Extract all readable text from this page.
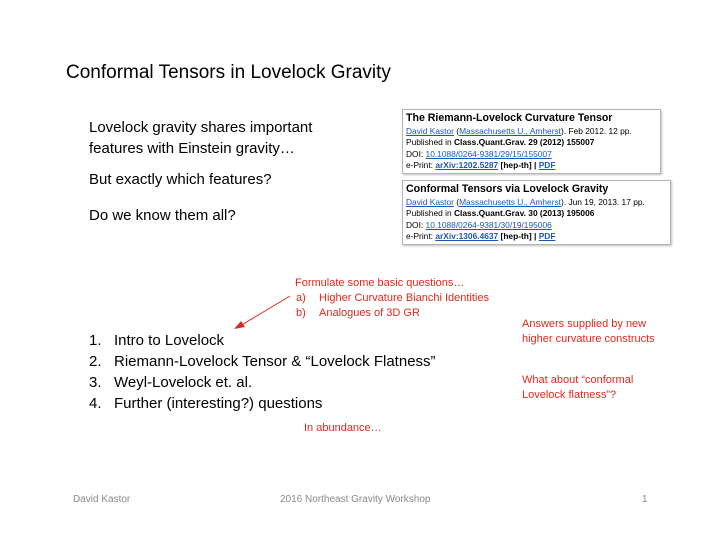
Conformal Tensors in Lovelock Gravity
Lovelock gravity shares important features with Einstein gravity…
But exactly which features?
Do we know them all?
The Riemann-Lovelock Curvature Tensor
David Kastor (Massachusetts U., Amherst). Feb 2012. 12 pp.
Published in Class.Quant.Grav. 29 (2012) 155007
DOI: 10.1088/0264-9381/29/15/155007
e-Print: arXiv:1202.5287 [hep-th] | PDF
Conformal Tensors via Lovelock Gravity
David Kastor (Massachusetts U., Amherst). Jun 19, 2013. 17 pp.
Published in Class.Quant.Grav. 30 (2013) 195006
DOI: 10.1088/0264-9381/30/19/195006
e-Print: arXiv:1306.4637 [hep-th] | PDF
Formulate some basic questions…
a)	Higher Curvature Bianchi Identities
b)	Analogues of 3D GR
1. Intro to Lovelock
2. Riemann-Lovelock Tensor & “Lovelock Flatness”
3. Weyl-Lovelock et. al.
4. Further (interesting?) questions
Answers supplied by new higher curvature constructs
What about “conformal Lovelock flatness”?
In abundance…
David Kastor	2016 Northeast Gravity Workshop	1
